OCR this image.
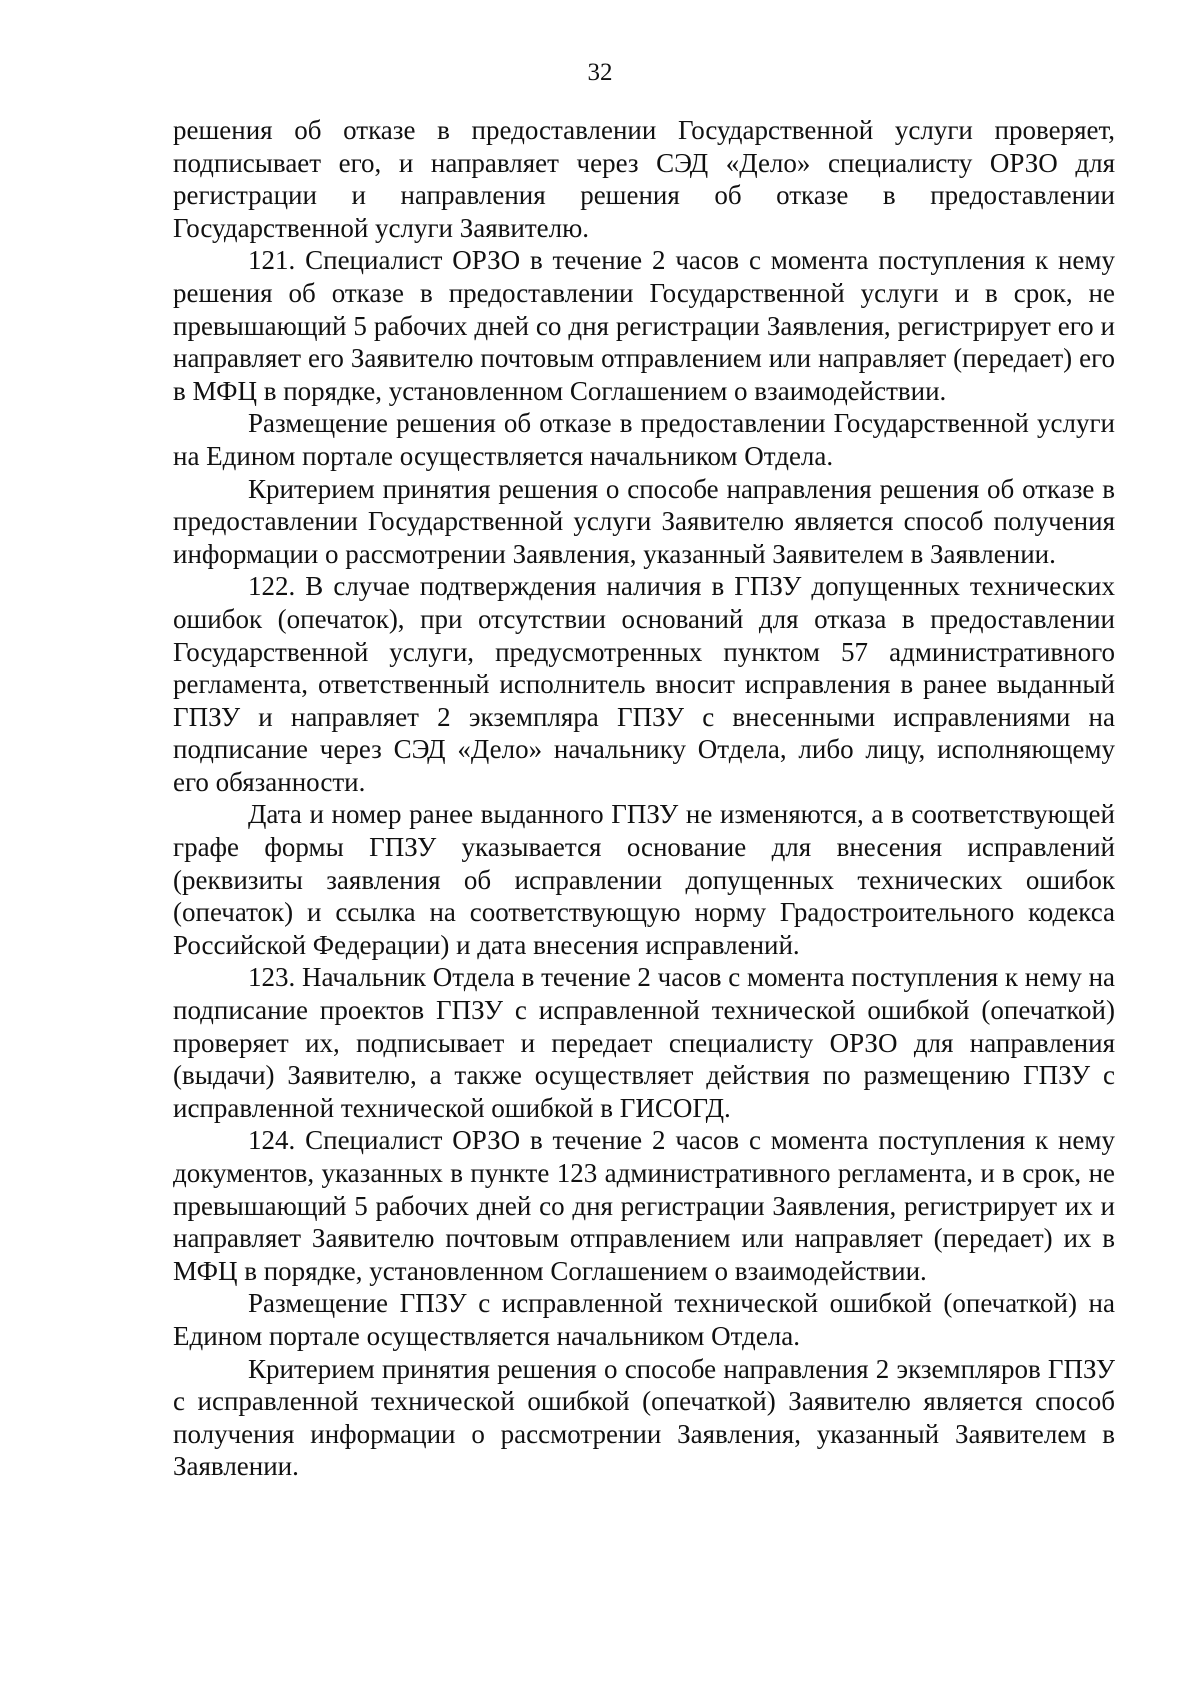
32

решения об отказе в предоставлении Государственной услуги проверяет, подписывает его, и направляет через СЭД «Дело» специалисту ОРЗО для регистрации и направления решения об отказе в предоставлении Государственной услуги Заявителю.

121. Специалист ОРЗО в течение 2 часов с момента поступления к нему решения об отказе в предоставлении Государственной услуги и в срок, не превышающий 5 рабочих дней со дня регистрации Заявления, регистрирует его и направляет его Заявителю почтовым отправлением или направляет (передает) его в МФЦ в порядке, установленном Соглашением о взаимодействии.

Размещение решения об отказе в предоставлении Государственной услуги на Едином портале осуществляется начальником Отдела.

Критерием принятия решения о способе направления решения об отказе в предоставлении Государственной услуги Заявителю является способ получения информации о рассмотрении Заявления, указанный Заявителем в Заявлении.

122. В случае подтверждения наличия в ГПЗУ допущенных технических ошибок (опечаток), при отсутствии оснований для отказа в предоставлении Государственной услуги, предусмотренных пунктом 57 административного регламента, ответственный исполнитель вносит исправления в ранее выданный ГПЗУ и направляет 2 экземпляра ГПЗУ с внесенными исправлениями на подписание через СЭД «Дело» начальнику Отдела, либо лицу, исполняющему его обязанности.

Дата и номер ранее выданного ГПЗУ не изменяются, а в соответствующей графе формы ГПЗУ указывается основание для внесения исправлений (реквизиты заявления об исправлении допущенных технических ошибок (опечаток) и ссылка на соответствующую норму Градостроительного кодекса Российской Федерации) и дата внесения исправлений.

123. Начальник Отдела в течение 2 часов с момента поступления к нему на подписание проектов ГПЗУ с исправленной технической ошибкой (опечаткой) проверяет их, подписывает и передает специалисту ОРЗО для направления (выдачи) Заявителю, а также осуществляет действия по размещению ГПЗУ с исправленной технической ошибкой в ГИСОГД.

124. Специалист ОРЗО в течение 2 часов с момента поступления к нему документов, указанных в пункте 123 административного регламента, и в срок, не превышающий 5 рабочих дней со дня регистрации Заявления, регистрирует их и направляет Заявителю почтовым отправлением или направляет (передает) их в МФЦ в порядке, установленном Соглашением о взаимодействии.

Размещение ГПЗУ с исправленной технической ошибкой (опечаткой) на Едином портале осуществляется начальником Отдела.

Критерием принятия решения о способе направления 2 экземпляров ГПЗУ с исправленной технической ошибкой (опечаткой) Заявителю является способ получения информации о рассмотрении Заявления, указанный Заявителем в Заявлении.
